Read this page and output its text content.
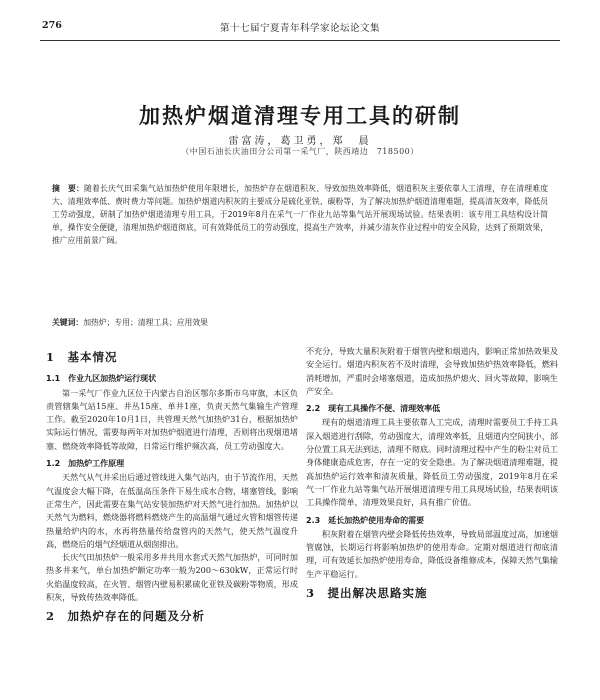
276	第十七届宁夏青年科学家论坛论文集
加热炉烟道清理专用工具的研制
雷富涛，葛卫勇，郑　晨
（中国石油长庆油田分公司第一采气厂，陕西靖边　718500）
摘　要：随着长庆气田采集气站加热炉使用年限增长，加热炉存在烟道积灰、导致加热效率降低，烟道积灰主要依靠人工清理，存在清理难度大、清理效率低、费时费力等问题。加热炉烟道内积灰的主要成分是硫化亚铁、碳粉等，为了解决加热炉烟道清理难题，提高清灰效率，降低员工劳动强度，研制了加热炉烟道清理专用工具，于2019年8月在采气一厂作业九站等集气站开展现场试验。结果表明：该专用工具结构设计简单，操作安全便捷，清理加热炉烟道彻底，可有效降低员工的劳动强度，提高生产效率，并减少清灰作业过程中的安全风险，达到了预期效果，推广应用前景广阔。
关键词：加热炉；专用；清理工具；应用效果
1　基本情况
1.1　作业九区加热炉运行现状
第一采气厂作业九区位于内蒙古自治区鄂尔多斯市乌审旗，本区负责管辖集气站15座、井丛15座、单井1座，负责天然气集输生产管理工作。截至2020年10月1日，共管理天然气加热炉31台，根据加热炉实际运行情况，需要每两年对加热炉烟道进行清理，否则将出现烟道堵塞、燃烧效率降低等故障，日常运行维护频次高，员工劳动强度大。
1.2　加热炉工作原理
天然气从气井采出后通过管线进入集气站内，由于节流作用，天然气温度会大幅下降，在低温高压条件下易生成水合物，堵塞管线，影响正常生产，因此需要在集气站安装加热炉对天然气进行加热。加热炉以天然气为燃料，燃烧器将燃料燃烧产生的高温烟气通过火管和烟管传递热量给炉内的水，水再将热量传给盘管内的天然气，使天然气温度升高，燃烧后的烟气经烟道从烟囱排出。
长庆气田加热炉一般采用多井共用水套式天然气加热炉，可同时加热多井来气，单台加热炉额定功率一般为200～630kW，正常运行时火焰温度较高，在火管、烟管内壁易积累硫化亚铁及碳粉等物质，形成积灰，导致传热效率降低。
2　加热炉存在的问题及分析
不充分，导致大量积灰附着于烟管内壁和烟道内，影响正常加热效果及安全运行。烟道内积灰若不及时清理，会导致加热炉热效率降低，燃料消耗增加，严重时会堵塞烟道，造成加热炉熄火、回火等故障，影响生产安全。
2.2　现有工具操作不便、清理效率低
现有的烟道清理工具主要依靠人工完成，清理时需要员工手持工具深入烟道进行刮除，劳动强度大，清理效率低，且烟道内空间狭小，部分位置工具无法到达，清理不彻底。同时清理过程中产生的粉尘对员工身体健康造成危害，存在一定的安全隐患。为了解决烟道清理难题，提高加热炉运行效率和清灰质量，降低员工劳动强度，2019年8月在采气一厂作业九站等集气站开展烟道清理专用工具现场试验，结果表明该工具操作简单，清理效果良好，具有推广价值。
2.3　延长加热炉使用寿命的需要
积灰附着在烟管内壁会降低传热效率，导致局部温度过高，加速烟管腐蚀，长期运行将影响加热炉的使用寿命。定期对烟道进行彻底清理，可有效延长加热炉使用寿命，降低设备维修成本，保障天然气集输生产平稳运行。
3　提出解决思路实施
